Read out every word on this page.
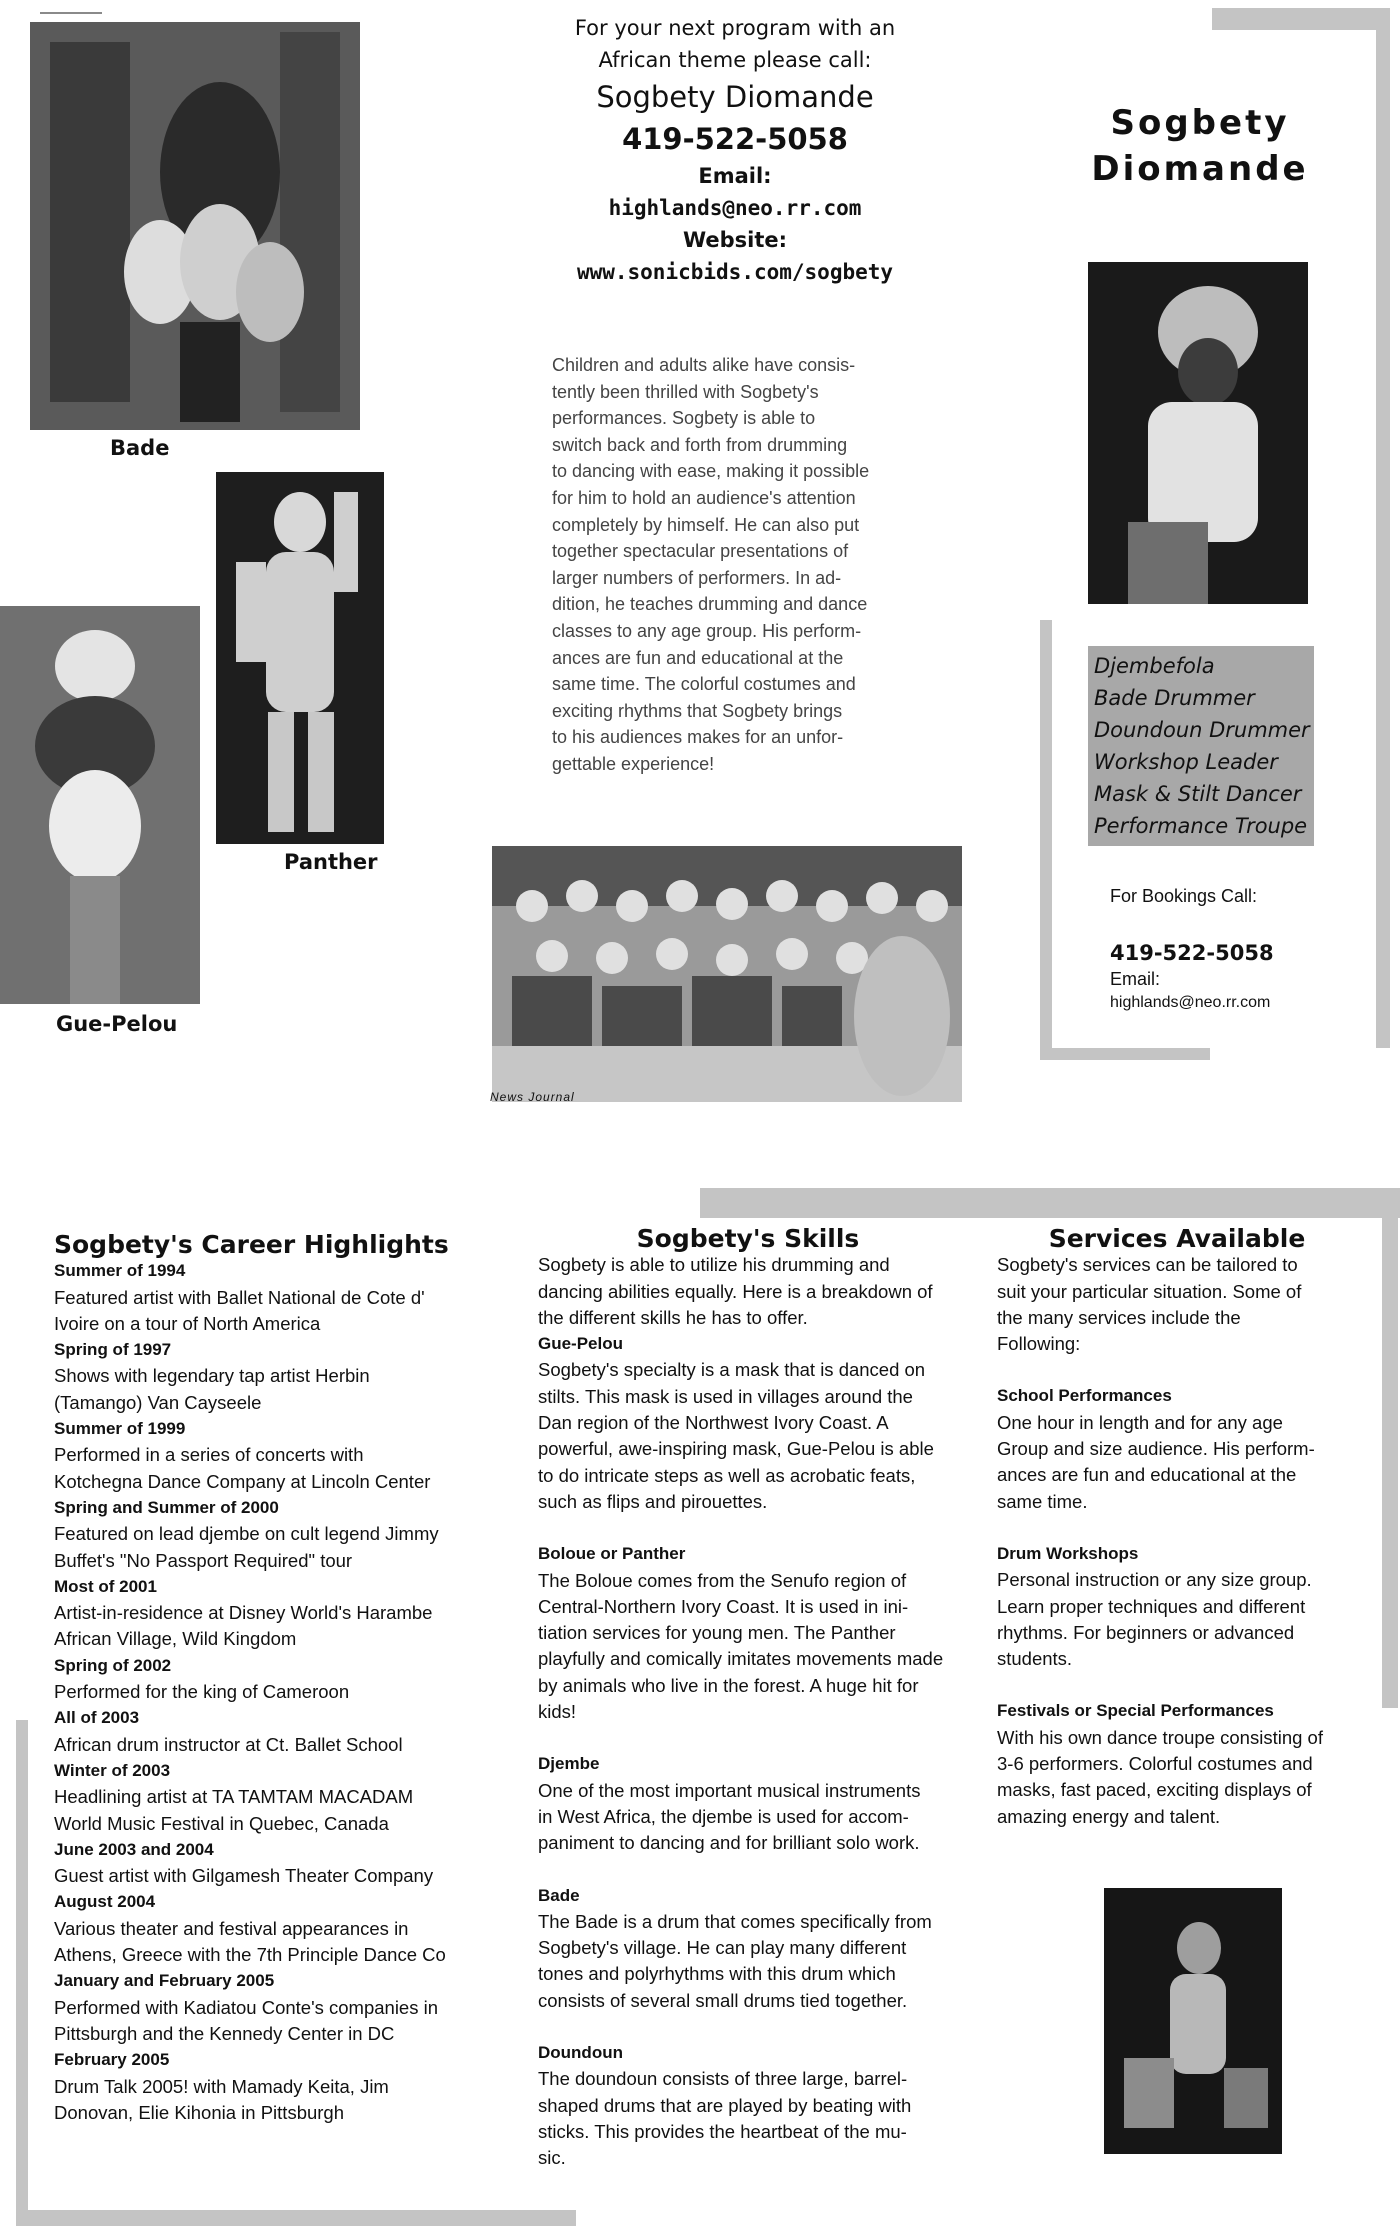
Bade
Panther
Gue-Pelou
News Journal
For your next program with an
African theme please call:
Sogbety Diomande
419-522-5058
Email:
highlands@neo.rr.com
Website:
www.sonicbids.com/sogbety
Children and adults alike have consis-
tently been thrilled with Sogbety's
performances. Sogbety is able to
switch back and forth from drumming
to dancing with ease, making it possible
for him to hold an audience's attention
completely by himself. He can also put
together spectacular presentations of
larger numbers of performers. In ad-
dition, he teaches drumming and dance
classes to any age group. His perform-
ances are fun and educational at the
same time. The colorful costumes and
exciting rhythms that Sogbety brings
to his audiences makes for an unfor-
gettable experience!
Sogbety
Diomande
Djembefola
Bade Drummer
Doundoun Drummer
Workshop Leader
Mask & Stilt Dancer
Performance Troupe
For Bookings Call:
419-522-5058
Email:
highlands@neo.rr.com
Sogbety's Career Highlights
Summer of 1994
Featured artist with Ballet National de Cote d'
Ivoire on a tour of North America
Spring of 1997
Shows with legendary tap artist Herbin
(Tamango) Van Cayseele
Summer of 1999
Performed in a series of concerts with
Kotchegna Dance Company at Lincoln Center
Spring and Summer of 2000
Featured on lead djembe on cult legend Jimmy
Buffet's "No Passport Required" tour
Most of 2001
Artist-in-residence at Disney World's Harambe
African Village, Wild Kingdom
Spring of 2002
Performed for the king of Cameroon
All of 2003
African drum instructor at Ct. Ballet School
Winter of 2003
Headlining artist at TA TAMTAM MACADAM
World Music Festival in Quebec, Canada
June 2003 and 2004
Guest artist with Gilgamesh Theater Company
August 2004
Various theater and festival appearances in
Athens, Greece with the 7th Principle Dance Co
January and February 2005
Performed with Kadiatou Conte's companies in
Pittsburgh and the Kennedy Center in DC
February 2005
Drum Talk 2005! with Mamady Keita, Jim
Donovan, Elie Kihonia in Pittsburgh
Sogbety's Skills
Sogbety is able to utilize his drumming and
dancing abilities equally. Here is a breakdown of
the different skills he has to offer.
Gue-Pelou
Sogbety's specialty is a mask that is danced on
stilts. This mask is used in villages around the
Dan region of the Northwest Ivory Coast. A
powerful, awe-inspiring mask, Gue-Pelou is able
to do intricate steps as well as acrobatic feats,
such as flips and pirouettes.
Boloue or Panther
The Boloue comes from the Senufo region of
Central-Northern Ivory Coast. It is used in ini-
tiation services for young men. The Panther
playfully and comically imitates movements made
by animals who live in the forest. A huge hit for
kids!
Djembe
One of the most important musical instruments
in West Africa, the djembe is used for accom-
paniment to dancing and for brilliant solo work.
Bade
The Bade is a drum that comes specifically from
Sogbety's village. He can play many different
tones and polyrhythms with this drum which
consists of several small drums tied together.
Doundoun
The doundoun consists of three large, barrel-
shaped drums that are played by beating with
sticks. This provides the heartbeat of the mu-
sic.
Services Available
Sogbety's services can be tailored to
suit your particular situation. Some of
the many services include the
Following:
School Performances
One hour in length and for any age
Group and size audience. His perform-
ances are fun and educational at the
same time.
Drum Workshops
Personal instruction or any size group.
Learn proper techniques and different
rhythms. For beginners or advanced
students.
Festivals or Special Performances
With his own dance troupe consisting of
3-6 performers. Colorful costumes and
masks, fast paced, exciting displays of
amazing energy and talent.
